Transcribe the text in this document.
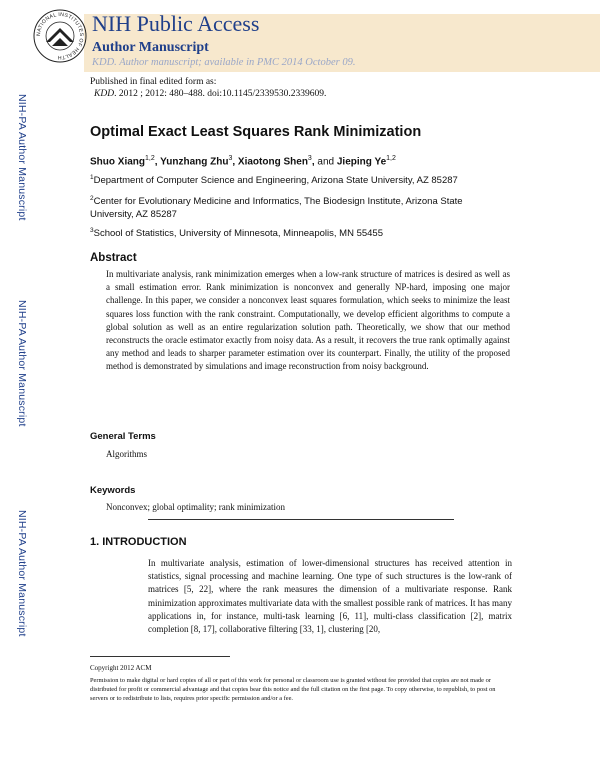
NIH-PA Author Manuscript
NIH-PA Author Manuscript
NIH-PA Author Manuscript
NATIONAL INSTITUTES OF HEALTH
NIH Public Access
Author Manuscript
KDD. Author manuscript; available in PMC 2014 October 09.
Published in final edited form as:
KDD. 2012 ; 2012: 480–488. doi:10.1145/2339530.2339609.
Optimal Exact Least Squares Rank Minimization
Shuo Xiang$^{1,2}$, Yunzhang Zhu$^3$, Xiaotong Shen$^3$, and Jieping Ye$^{1,2}$
$^1$Department of Computer Science and Engineering, Arizona State University, AZ 85287
$^2$Center for Evolutionary Medicine and Informatics, The Biodesign Institute, Arizona State University, AZ 85287
$^3$School of Statistics, University of Minnesota, Minneapolis, MN 55455
Abstract
In multivariate analysis, rank minimization emerges when a low-rank structure of matrices is desired as well as a small estimation error. Rank minimization is nonconvex and generally NP-hard, imposing one major challenge. In this paper, we consider a nonconvex least squares formulation, which seeks to minimize the least squares loss function with the rank constraint. Computationally, we develop efficient algorithms to compute a global solution as well as an entire regularization solution path. Theoretically, we show that our method reconstructs the oracle estimator exactly from noisy data. As a result, it recovers the true rank optimally against any method and leads to sharper parameter estimation over its counterpart. Finally, the utility of the proposed method is demonstrated by simulations and image reconstruction from noisy background.
General Terms
Algorithms
Keywords
Nonconvex; global optimality; rank minimization
1. INTRODUCTION
In multivariate analysis, estimation of lower-dimensional structures has received attention in statistics, signal processing and machine learning. One type of such structures is the low-rank of matrices [5, 22], where the rank measures the dimension of a multivariate response. Rank minimization approximates multivariate data with the smallest possible rank of matrices. It has many applications in, for instance, multi-task learning [6, 11], multi-class classification [2], matrix completion [8, 17], collaborative filtering [33, 1], clustering [20,
Copyright 2012 ACM
Permission to make digital or hard copies of all or part of this work for personal or classroom use is granted without fee provided that copies are not made or distributed for profit or commercial advantage and that copies bear this notice and the full citation on the first page. To copy otherwise, to republish, to post on servers or to redistribute to lists, requires prior specific permission and/or a fee.
